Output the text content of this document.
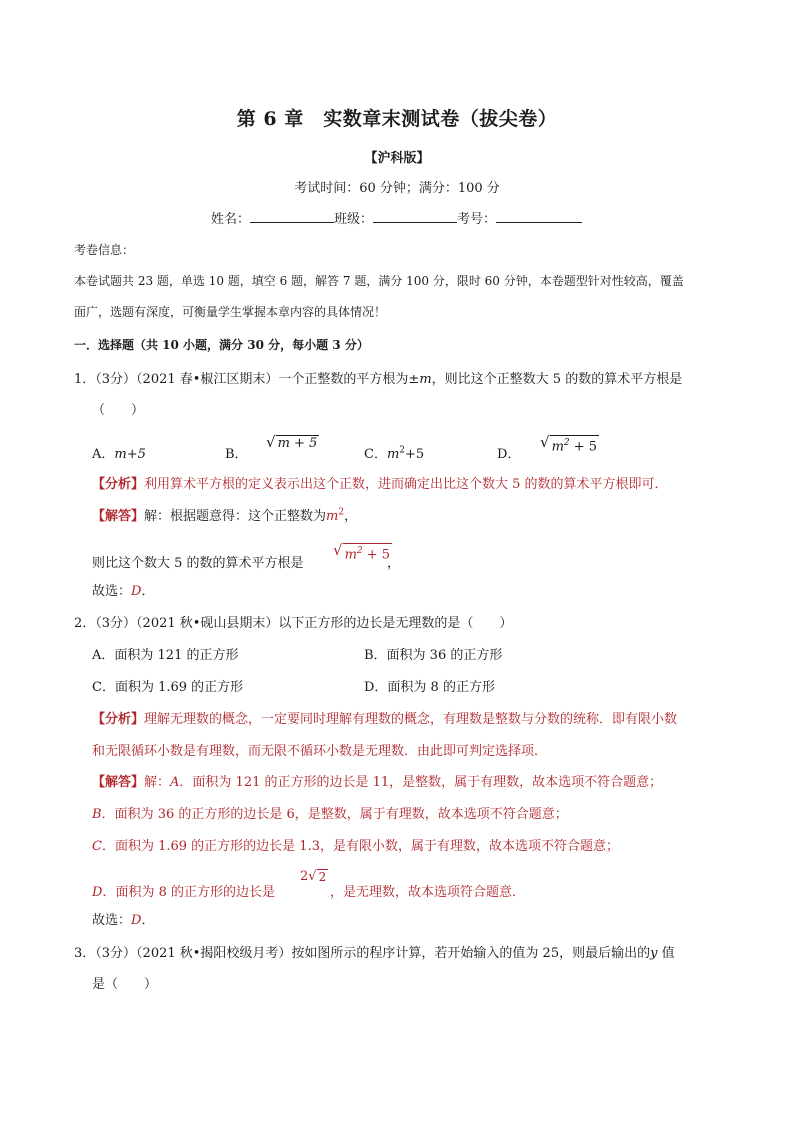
第 6 章　实数章末测试卷（拔尖卷）
【沪科版】
考试时间：60 分钟；满分：100 分
姓名：	班级：	考号：
考卷信息：
本卷试题共 23 题，单选 10 题，填空 6 题，解答 7 题，满分 100 分，限时 60 分钟，本卷题型针对性较高，覆盖
面广，选题有深度，可衡量学生掌握本章内容的具体情况！
一．选择题（共 10 小题，满分 30 分，每小题 3 分）
1．（3分）（2021 春•椒江区期末）一个正整数的平方根为±m，则比这个正整数大 5 的数的算术平方根是
（　　）
A．m+5	B．
√ m + 5
C．$m^2+5$	D．
√ $m^2 + 5$
【分析】利用算术平方根的定义表示出这个正数，进而确定出比这个数大 5 的数的算术平方根即可．
【解答】解：根据题意得：这个正整数为$m^2$，
则比这个数大 5 的数的算术平方根是
√ $m^2 + 5$
，
故选：D．
2．（3分）（2021 秋•砚山县期末）以下正方形的边长是无理数的是（　　）
A．面积为 121 的正方形	B．面积为 36 的正方形
C．面积为 1.69 的正方形	D．面积为 8 的正方形
【分析】理解无理数的概念，一定要同时理解有理数的概念，有理数是整数与分数的统称．即有限小数
和无限循环小数是有理数，而无限不循环小数是无理数．由此即可判定选择项．
【解答】解：A．面积为 121 的正方形的边长是 11，是整数，属于有理数，故本选项不符合题意；
B．面积为 36 的正方形的边长是 6，是整数，属于有理数，故本选项不符合题意；
C．面积为 1.69 的正方形的边长是 1.3，是有限小数，属于有理数，故本选项不符合题意；
D．面积为 8 的正方形的边长是
2 √ 2
，是无理数，故本选项符合题意．
故选：D．
3．（3分）（2021 秋•揭阳校级月考）按如图所示的程序计算，若开始输入的值为 25，则最后输出的y 值
是（　　）
